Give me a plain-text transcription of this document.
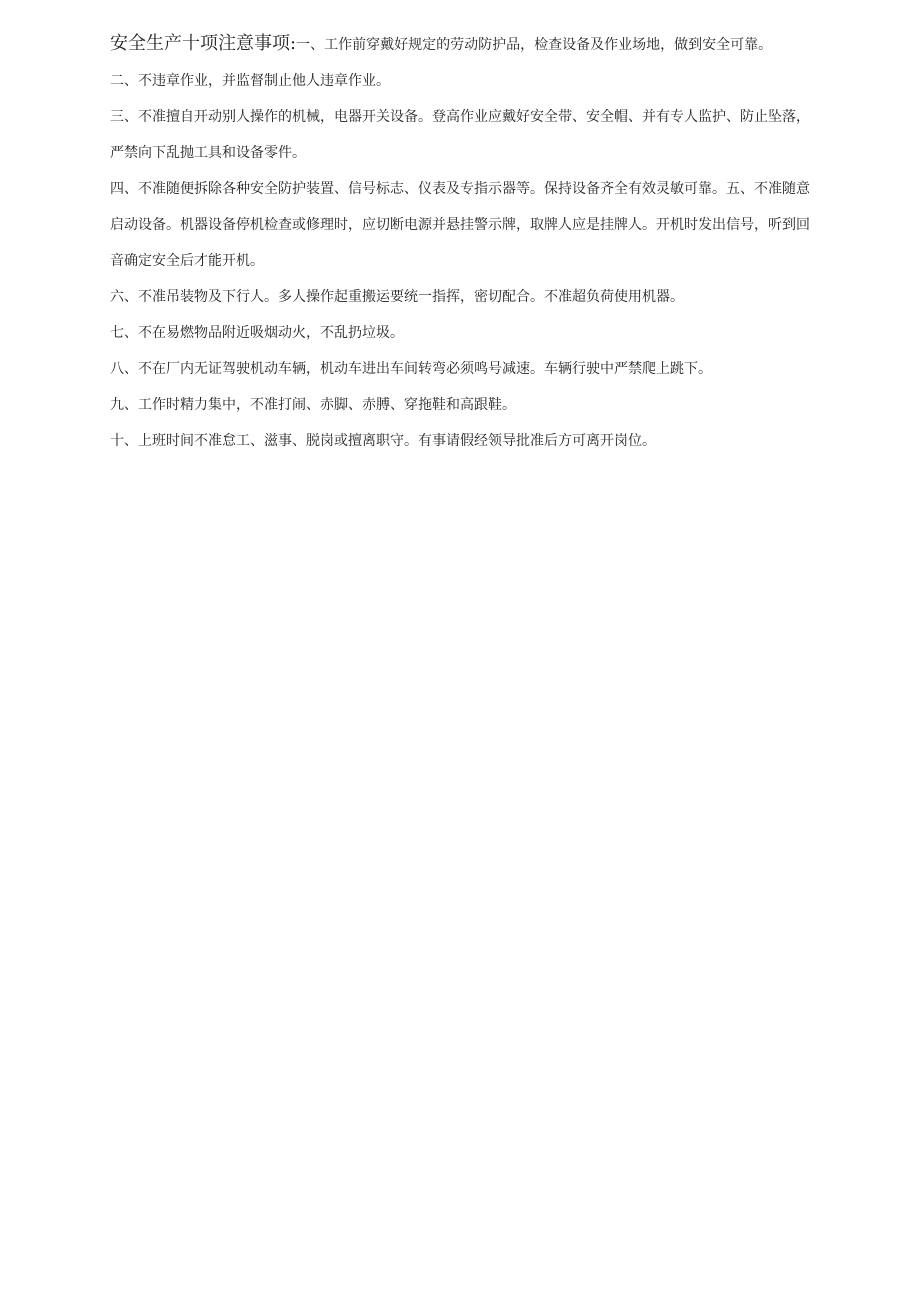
安全生产十项注意事项:一、工作前穿戴好规定的劳动防护品，检查设备及作业场地，做到安全可靠。

二、不违章作业，并监督制止他人违章作业。

三、不准擅自开动别人操作的机械，电器开关设备。登高作业应戴好安全带、安全帽、并有专人监护、防止坠落，严禁向下乱抛工具和设备零件。

四、不准随便拆除各种安全防护装置、信号标志、仪表及专指示器等。保持设备齐全有效灵敏可靠。五、不准随意启动设备。机器设备停机检查或修理时，应切断电源并悬挂警示牌，取牌人应是挂牌人。开机时发出信号，听到回音确定安全后才能开机。

六、不准吊装物及下行人。多人操作起重搬运要统一指挥，密切配合。不准超负荷使用机器。

七、不在易燃物品附近吸烟动火，不乱扔垃圾。

八、不在厂内无证驾驶机动车辆，机动车进出车间转弯必须鸣号减速。车辆行驶中严禁爬上跳下。

九、工作时精力集中，不准打闹、赤脚、赤膊、穿拖鞋和高跟鞋。

十、上班时间不准怠工、滋事、脱岗或擅离职守。有事请假经领导批准后方可离开岗位。
